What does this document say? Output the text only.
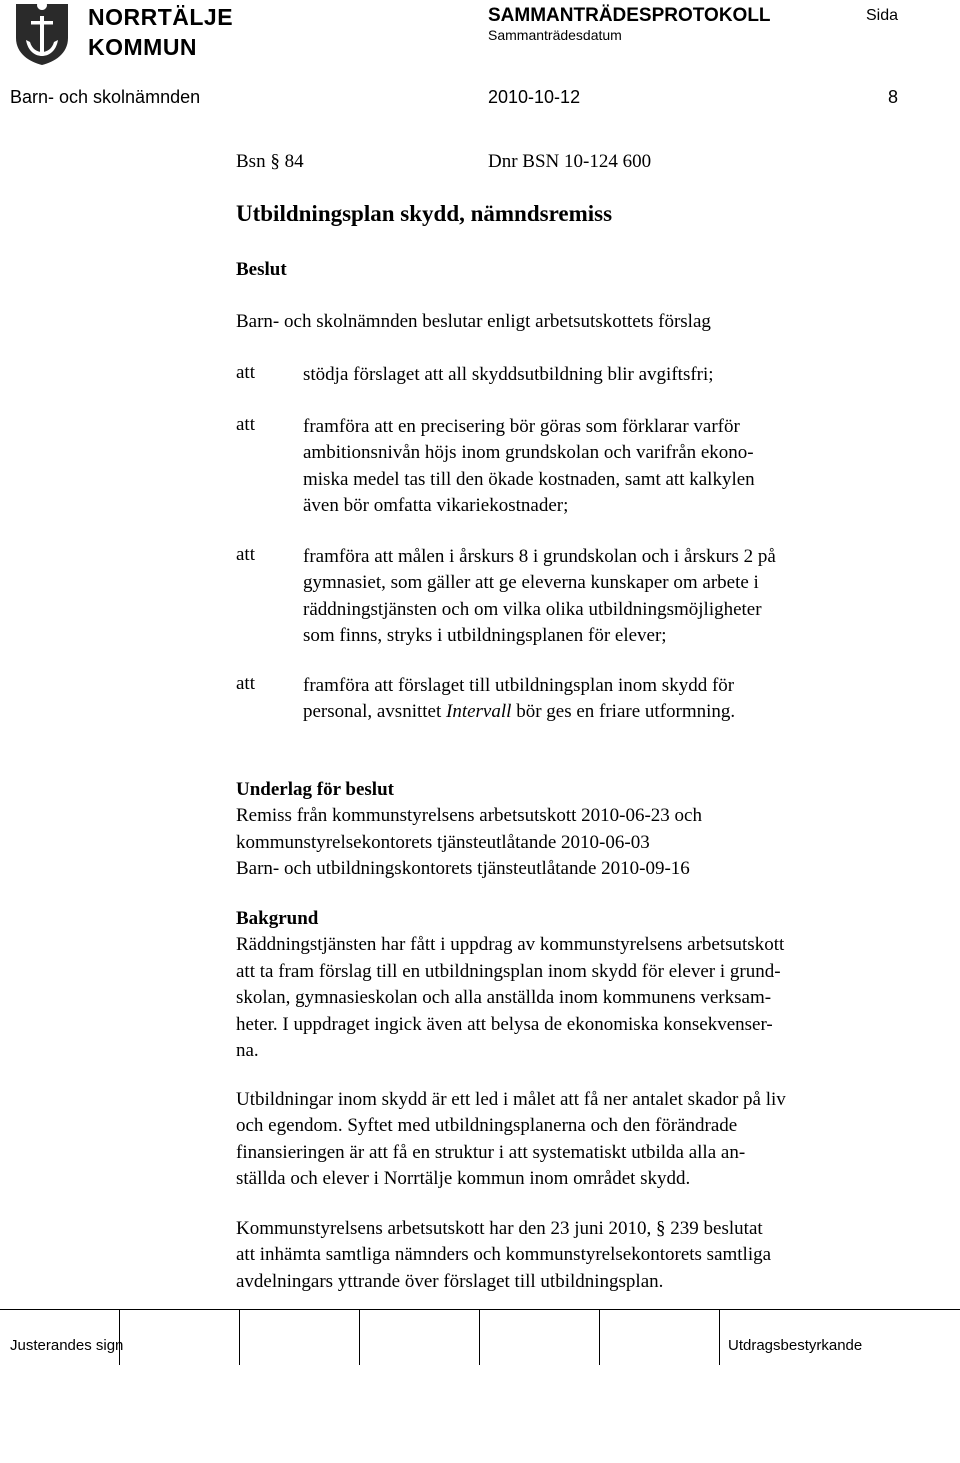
NORRTÄLJE
KOMMUN
SAMMANTRÄDESPROTOKOLL
Sammanträdesdatum
Sida
Barn- och skolnämnden	2010-10-12	8
Bsn § 84	Dnr BSN 10-124 600
Utbildningsplan skydd, nämndsremiss
Beslut
Barn- och skolnämnden beslutar enligt arbetsutskottets förslag
att	stödja förslaget att all skyddsutbildning blir avgiftsfri;
att	framföra att en precisering bör göras som förklarar varför
ambitionsnivån höjs inom grundskolan och varifrån ekono-
miska medel tas till den ökade kostnaden, samt att kalkylen
även bör omfatta vikariekostnader;
att	framföra att målen i årskurs 8 i grundskolan och i årskurs 2 på
gymnasiet, som gäller att ge eleverna kunskaper om arbete i
räddningstjänsten och om vilka olika utbildningsmöjligheter
som finns, stryks i utbildningsplanen för elever;
att	framföra att förslaget till utbildningsplan inom skydd för
personal, avsnittet Intervall bör ges en friare utformning.
Underlag för beslut
Remiss från kommunstyrelsens arbetsutskott 2010-06-23 och
kommunstyrelsekontorets tjänsteutlåtande 2010-06-03
Barn- och utbildningskontorets tjänsteutlåtande 2010-09-16
Bakgrund
Räddningstjänsten har fått i uppdrag av kommunstyrelsens arbetsutskott
att ta fram förslag till en utbildningsplan inom skydd för elever i grund-
skolan, gymnasieskolan och alla anställda inom kommunens verksam-
heter. I uppdraget ingick även att belysa de ekonomiska konsekvenser-
na.
Utbildningar inom skydd är ett led i målet att få ner antalet skador på liv
och egendom. Syftet med utbildningsplanerna och den förändrade
finansieringen är att få en struktur i att systematiskt utbilda alla an-
ställda och elever i Norrtälje kommun inom området skydd.
Kommunstyrelsens arbetsutskott har den 23 juni 2010, § 239 beslutat
att inhämta samtliga nämnders och kommunstyrelsekontorets samtliga
avdelningars yttrande över förslaget till utbildningsplan.
Justerandes sign	Utdragsbestyrkande
